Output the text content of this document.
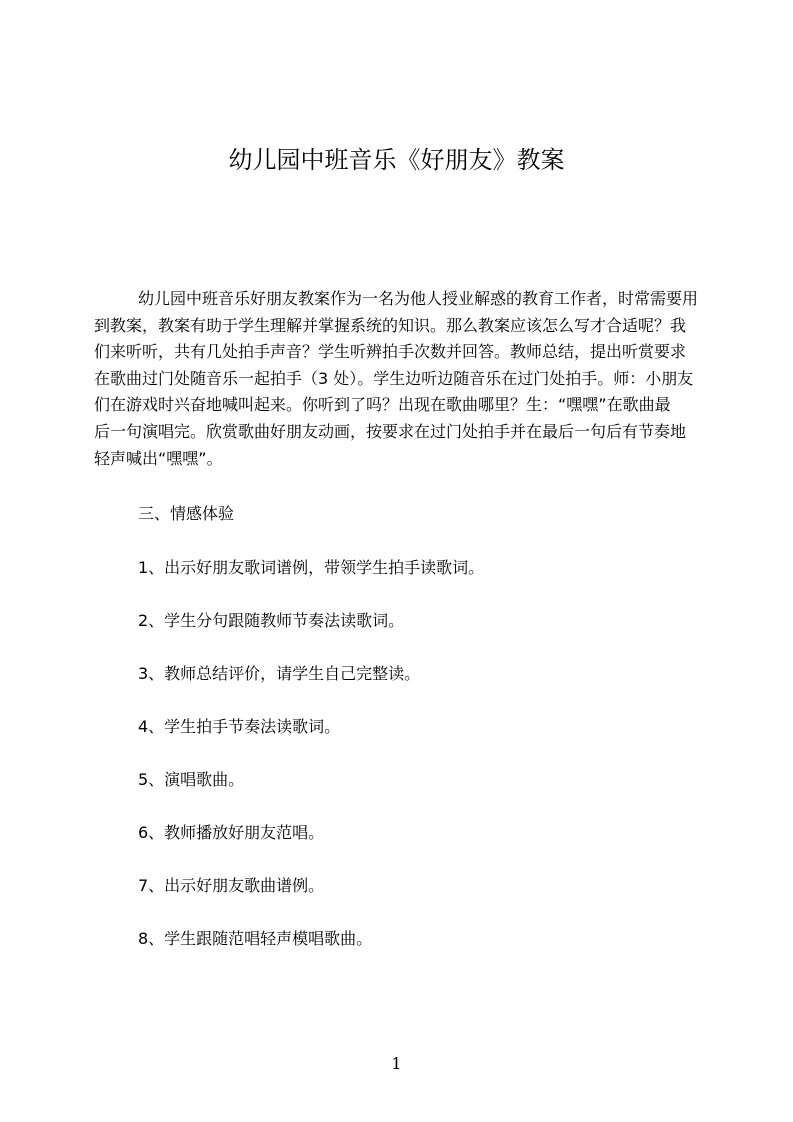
幼儿园中班音乐《好朋友》教案
幼儿园中班音乐好朋友教案作为一名为他人授业解惑的教育工作者，时常需要用
到教案，教案有助于学生理解并掌握系统的知识。那么教案应该怎么写才合适呢？我
们来听听，共有几处拍手声音？学生听辨拍手次数并回答。教师总结，提出听赏要求
在歌曲过门处随音乐一起拍手（3 处）。学生边听边随音乐在过门处拍手。师：小朋友
们在游戏时兴奋地喊叫起来。你听到了吗？出现在歌曲哪里？生：“嘿嘿”在歌曲最
后一句演唱完。欣赏歌曲好朋友动画，按要求在过门处拍手并在最后一句后有节奏地
轻声喊出“嘿嘿”。
三、情感体验
1、出示好朋友歌词谱例，带领学生拍手读歌词。
2、学生分句跟随教师节奏法读歌词。
3、教师总结评价，请学生自己完整读。
4、学生拍手节奏法读歌词。
5、演唱歌曲。
6、教师播放好朋友范唱。
7、出示好朋友歌曲谱例。
8、学生跟随范唱轻声模唱歌曲。
1
